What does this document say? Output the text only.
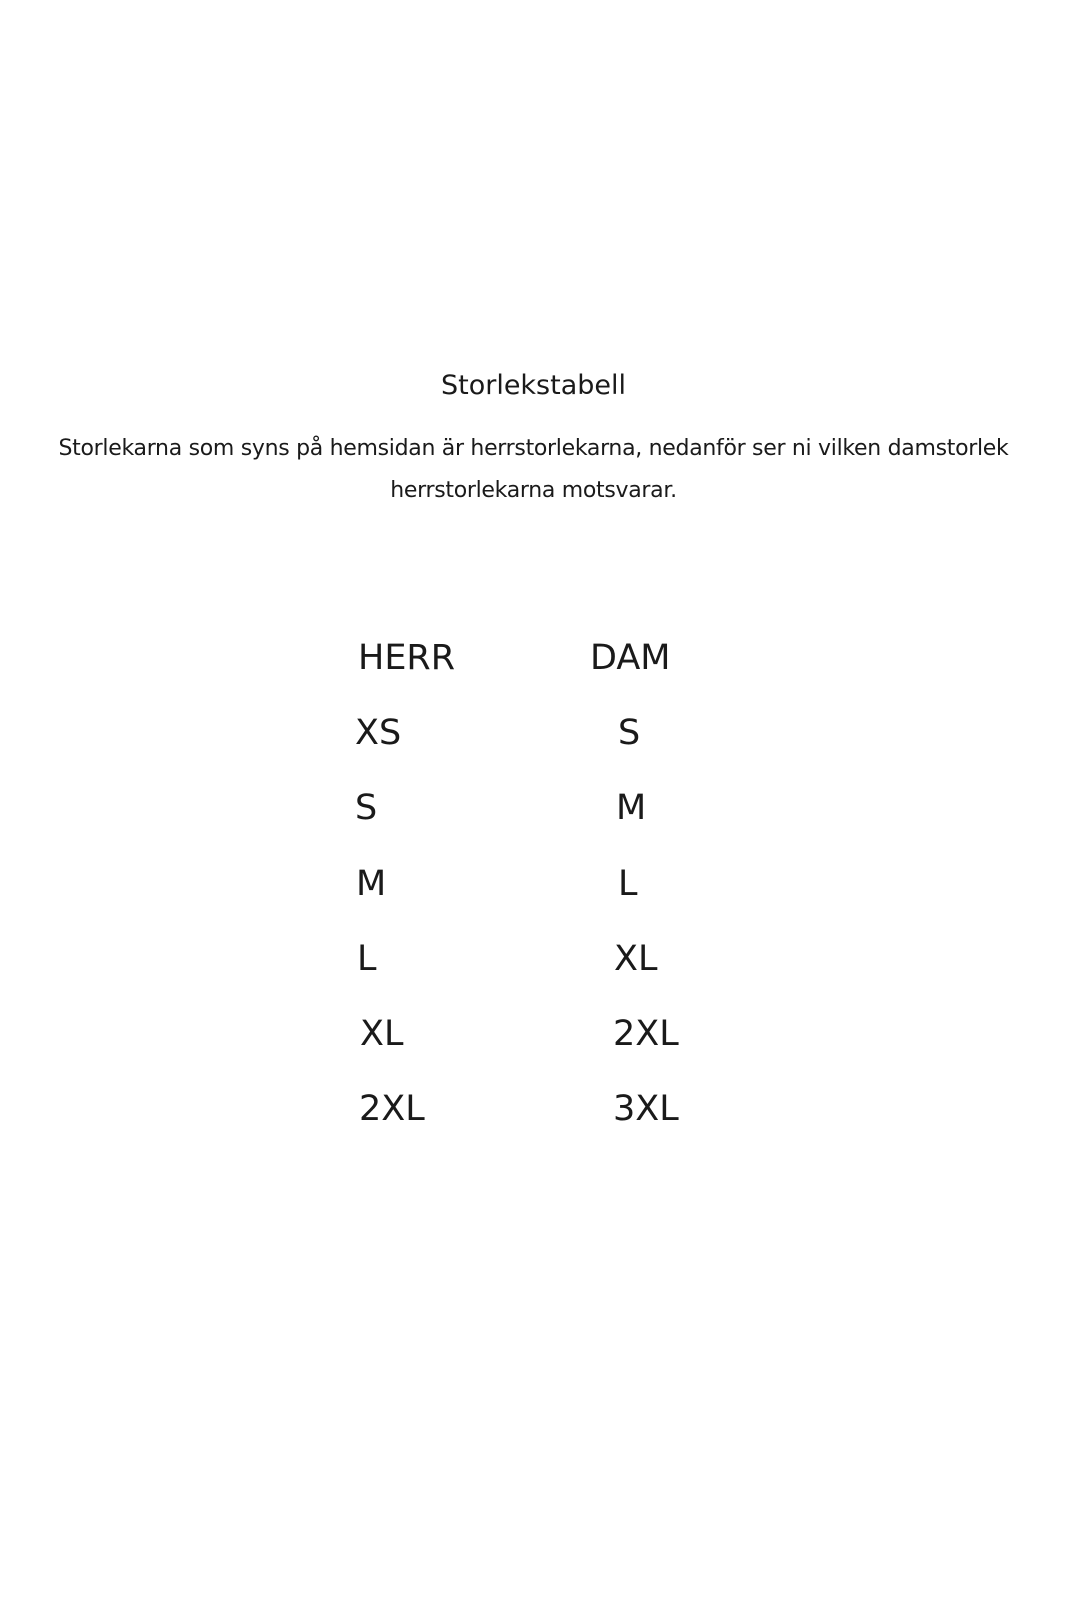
Storlekstabell
Storlekarna som syns på hemsidan är herrstorlekarna, nedanför ser ni vilken damstorlek
herrstorlekarna motsvarar.
HERR	DAM
XS	S
S	M
M	L
L	XL
XL	2XL
2XL	3XL
